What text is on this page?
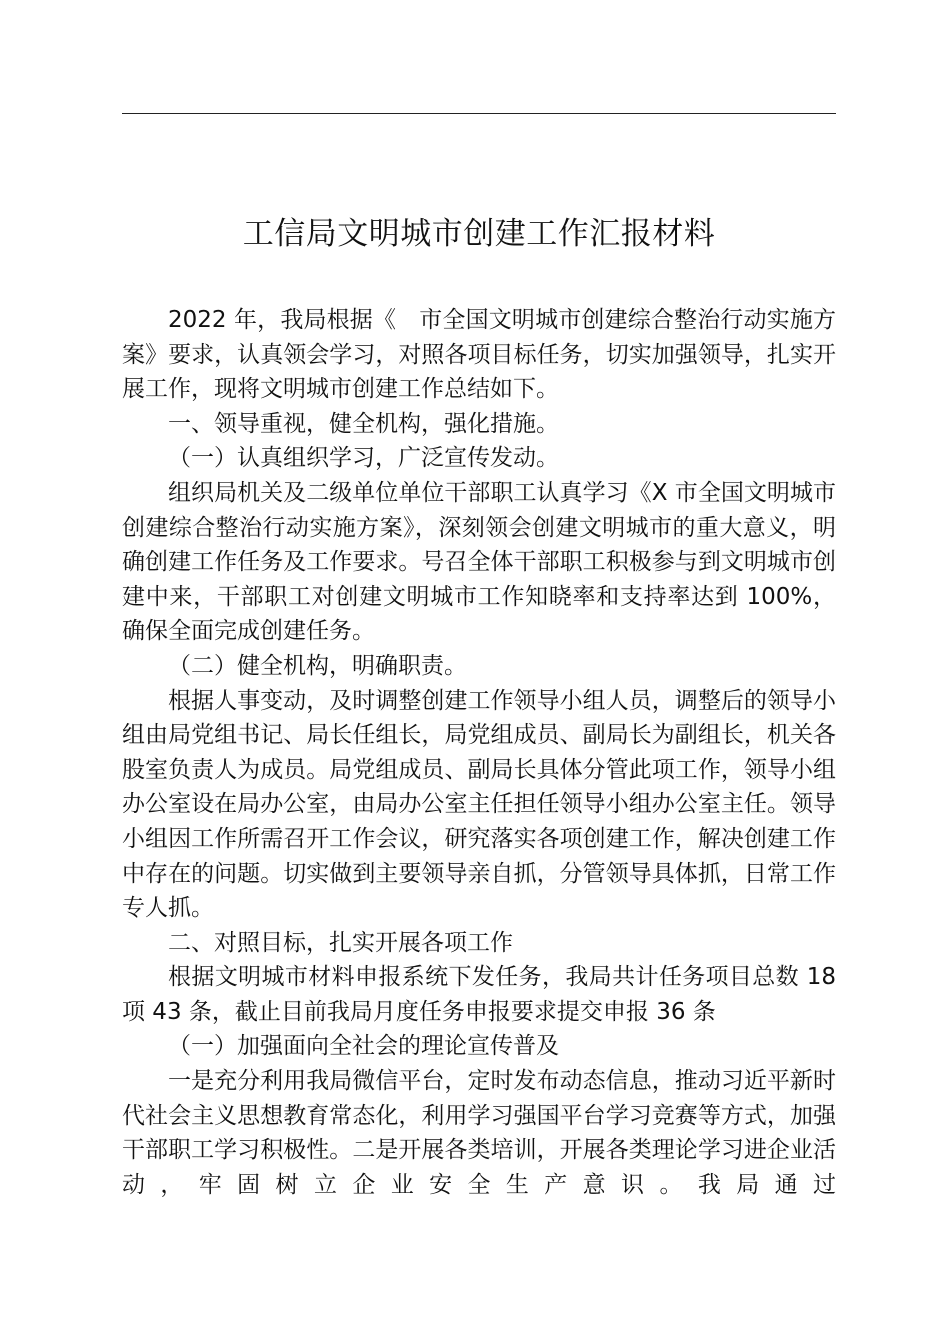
工信局文明城市创建工作汇报材料

2022 年，我局根据《　市全国文明城市创建综合整治行动实施方案》要求，认真领会学习，对照各项目标任务，切实加强领导，扎实开展工作，现将文明城市创建工作总结如下。

一、领导重视，健全机构，强化措施。

（一）认真组织学习，广泛宣传发动。

组织局机关及二级单位单位干部职工认真学习《X 市全国文明城市创建综合整治行动实施方案》，深刻领会创建文明城市的重大意义，明确创建工作任务及工作要求。号召全体干部职工积极参与到文明城市创建中来，干部职工对创建文明城市工作知晓率和支持率达到 100%，确保全面完成创建任务。

（二）健全机构，明确职责。

根据人事变动，及时调整创建工作领导小组人员，调整后的领导小组由局党组书记、局长任组长，局党组成员、副局长为副组长，机关各股室负责人为成员。局党组成员、副局长具体分管此项工作，领导小组办公室设在局办公室，由局办公室主任担任领导小组办公室主任。领导小组因工作所需召开工作会议，研究落实各项创建工作，解决创建工作中存在的问题。切实做到主要领导亲自抓，分管领导具体抓，日常工作专人抓。

二、对照目标，扎实开展各项工作

根据文明城市材料申报系统下发任务，我局共计任务项目总数 18 项 43 条，截止目前我局月度任务申报要求提交申报 36 条

（一）加强面向全社会的理论宣传普及

一是充分利用我局微信平台，定时发布动态信息，推动习近平新时代社会主义思想教育常态化，利用学习强国平台学习竞赛等方式，加强干部职工学习积极性。二是开展各类培训，开展各类理论学习进企业活动，牢固树立企业安全生产意识。我局通过
